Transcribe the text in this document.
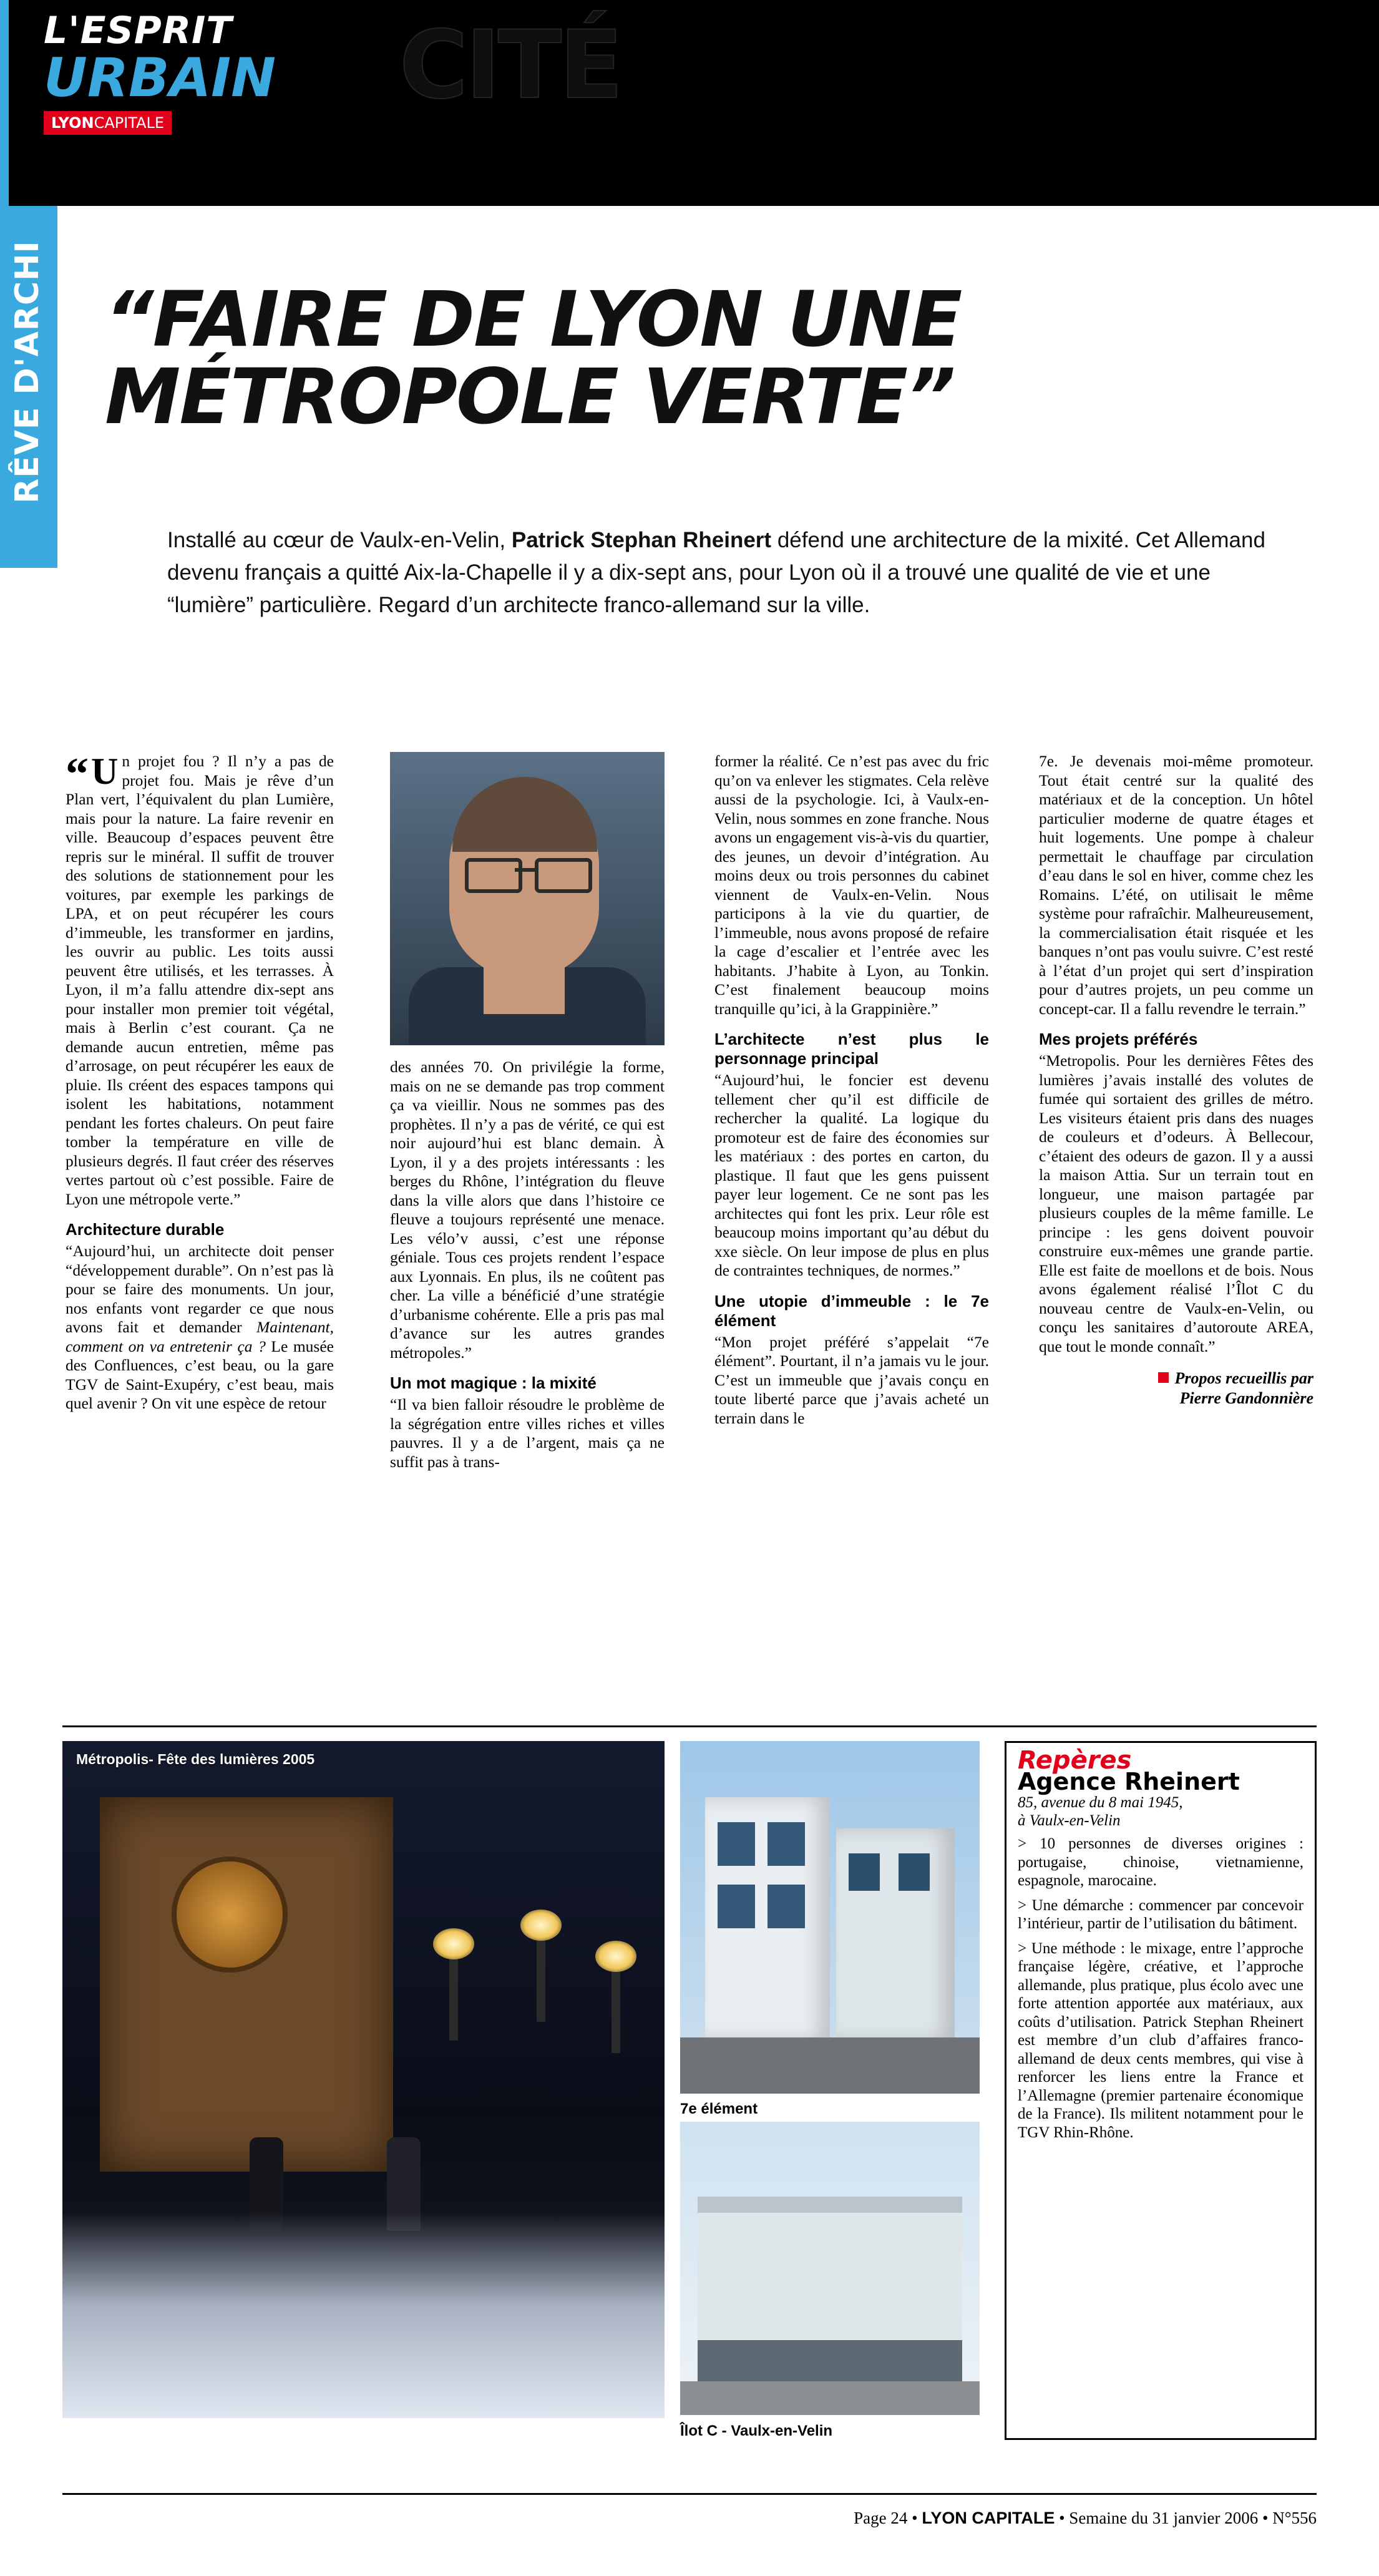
CITÉ
L'ESPRIT
URBAIN
LYONCAPITALE
RÊVE D'ARCHI “FAIRE DE LYON UNE MÉTROPOLE VERTE”
Installé au cœur de Vaulx-en-Velin, Patrick Stephan Rheinert défend une architecture de la mixité. Cet Allemand devenu français a quitté Aix-la-Chapelle il y a dix-sept ans, pour Lyon où il a trouvé une qualité de vie et une “lumière” particulière. Regard d’un architecte franco-allemand sur la ville.
“ U n projet fou ? Il n’y a pas de projet fou. Mais je rêve d’un Plan vert, l’équivalent du plan Lumière, mais pour la nature. La faire revenir en ville. Beaucoup d’espaces peuvent être repris sur le minéral. Il suffit de trouver des solutions de stationnement pour les voitures, par exemple les parkings de LPA, et on peut récupérer les cours d’immeuble, les transformer en jardins, les ouvrir au public. Les toits aussi peuvent être utilisés, et les terrasses. À Lyon, il m’a fallu attendre dix-sept ans pour installer mon premier toit végétal, mais à Berlin c’est courant. Ça ne demande aucun entretien, même pas d’arrosage, on peut récupérer les eaux de pluie. Ils créent des espaces tampons qui isolent les habitations, notamment pendant les fortes chaleurs. On peut faire tomber la température en ville de plusieurs degrés. Il faut créer des réserves vertes partout où c’est possible. Faire de Lyon une métropole verte.”

Architecture durable

“Aujourd’hui, un architecte doit penser “développement durable”. On n’est pas là pour se faire des monuments. Un jour, nos enfants vont regarder ce que nous avons fait et demander Maintenant, comment on va entretenir ça ? Le musée des Confluences, c’est beau, ou la gare TGV de Saint-Exupéry, c’est beau, mais quel avenir ? On vit une espèce de retour

des années 70. On privilégie la forme, mais on ne se demande pas trop comment ça va vieillir. Nous ne sommes pas des prophètes. Il n’y a pas de vérité, ce qui est noir aujourd’hui est blanc demain. À Lyon, il y a des projets intéressants : les berges du Rhône, l’intégration du fleuve dans la ville alors que dans l’histoire ce fleuve a toujours représenté une menace. Les vélo’v aussi, c’est une réponse géniale. Tous ces projets rendent l’espace aux Lyonnais. En plus, ils ne coûtent pas cher. La ville a bénéficié d’une stratégie d’urbanisme cohérente. Elle a pris pas mal d’avance sur les autres grandes métropoles.”

Un mot magique : la mixité

“Il va bien falloir résoudre le problème de la ségrégation entre villes riches et villes pauvres. Il y a de l’argent, mais ça ne suffit pas à trans-

former la réalité. Ce n’est pas avec du fric qu’on va enlever les stigmates. Cela relève aussi de la psychologie. Ici, à Vaulx-en-Velin, nous sommes en zone franche. Nous avons un engagement vis-à-vis du quartier, des jeunes, un devoir d’intégration. Au moins deux ou trois personnes du cabinet viennent de Vaulx-en-Velin. Nous participons à la vie du quartier, de l’immeuble, nous avons proposé de refaire la cage d’escalier et l’entrée avec les habitants. J’habite à Lyon, au Tonkin. C’est finalement beaucoup moins tranquille qu’ici, à la Grappinière.”

L’architecte n’est plus le personnage principal

“Aujourd’hui, le foncier est devenu tellement cher qu’il est difficile de rechercher la qualité. La logique du promoteur est de faire des économies sur les matériaux : des portes en carton, du plastique. Il faut que les gens puissent payer leur logement. Ce ne sont pas les architectes qui font les prix. Leur rôle est beaucoup moins important qu’au début du xxe siècle. On leur impose de plus en plus de contraintes techniques, de normes.”

Une utopie d’immeuble : le 7e élément

“Mon projet préféré s’appelait “7e élément”. Pourtant, il n’a jamais vu le jour. C’est un immeuble que j’avais conçu en toute liberté parce que j’avais acheté un terrain dans le

7e. Je devenais moi-même promoteur. Tout était centré sur la qualité des matériaux et de la conception. Un hôtel particulier moderne de quatre étages et huit logements. Une pompe à chaleur permettait le chauffage par circulation d’eau dans le sol en hiver, comme chez les Romains. L’été, on utilisait le même système pour rafraîchir. Malheureusement, la commercialisation était risquée et les banques n’ont pas voulu suivre. C’est resté à l’état d’un projet qui sert d’inspiration pour d’autres projets, un peu comme un concept-car. Il a fallu revendre le terrain.”

Mes projets préférés

“Metropolis. Pour les dernières Fêtes des lumières j’avais installé des volutes de fumée qui sortaient des grilles de métro. Les visiteurs étaient pris dans des nuages de couleurs et d’odeurs. À Bellecour, c’étaient des odeurs de gazon. Il y a aussi la maison Attia. Sur un terrain tout en longueur, une maison partagée par plusieurs couples de la même famille. Le principe : les gens doivent pouvoir construire eux-mêmes une grande partie. Elle est faite de moellons et de bois. Nous avons également réalisé l’Îlot C du nouveau centre de Vaulx-en-Velin, ou conçu les sanitaires d’autoroute AREA, que tout le monde connaît.”

Propos recueillis par
Pierre Gandonnière
Métropolis- Fête des lumières 2005
7e élément
Îlot C - Vaulx-en-Velin
Repères
Agence Rheinert
85, avenue du 8 mai 1945,
à Vaulx-en-Velin

> 10 personnes de diverses origines : portugaise, chinoise, vietnamienne, espagnole, marocaine.

> Une démarche : commencer par concevoir l’intérieur, partir de l’utilisation du bâtiment.

> Une méthode : le mixage, entre l’approche française légère, créative, et l’approche allemande, plus pratique, plus écolo avec une forte attention apportée aux matériaux, aux coûts d’utilisation. Patrick Stephan Rheinert est membre d’un club d’affaires franco-allemand de deux cents membres, qui vise à renforcer les liens entre la France et l’Allemagne (premier partenaire économique de la France). Ils militent notamment pour le TGV Rhin-Rhône.

Page 24 • LYON CAPITALE • Semaine du 31 janvier 2006 • N°556
